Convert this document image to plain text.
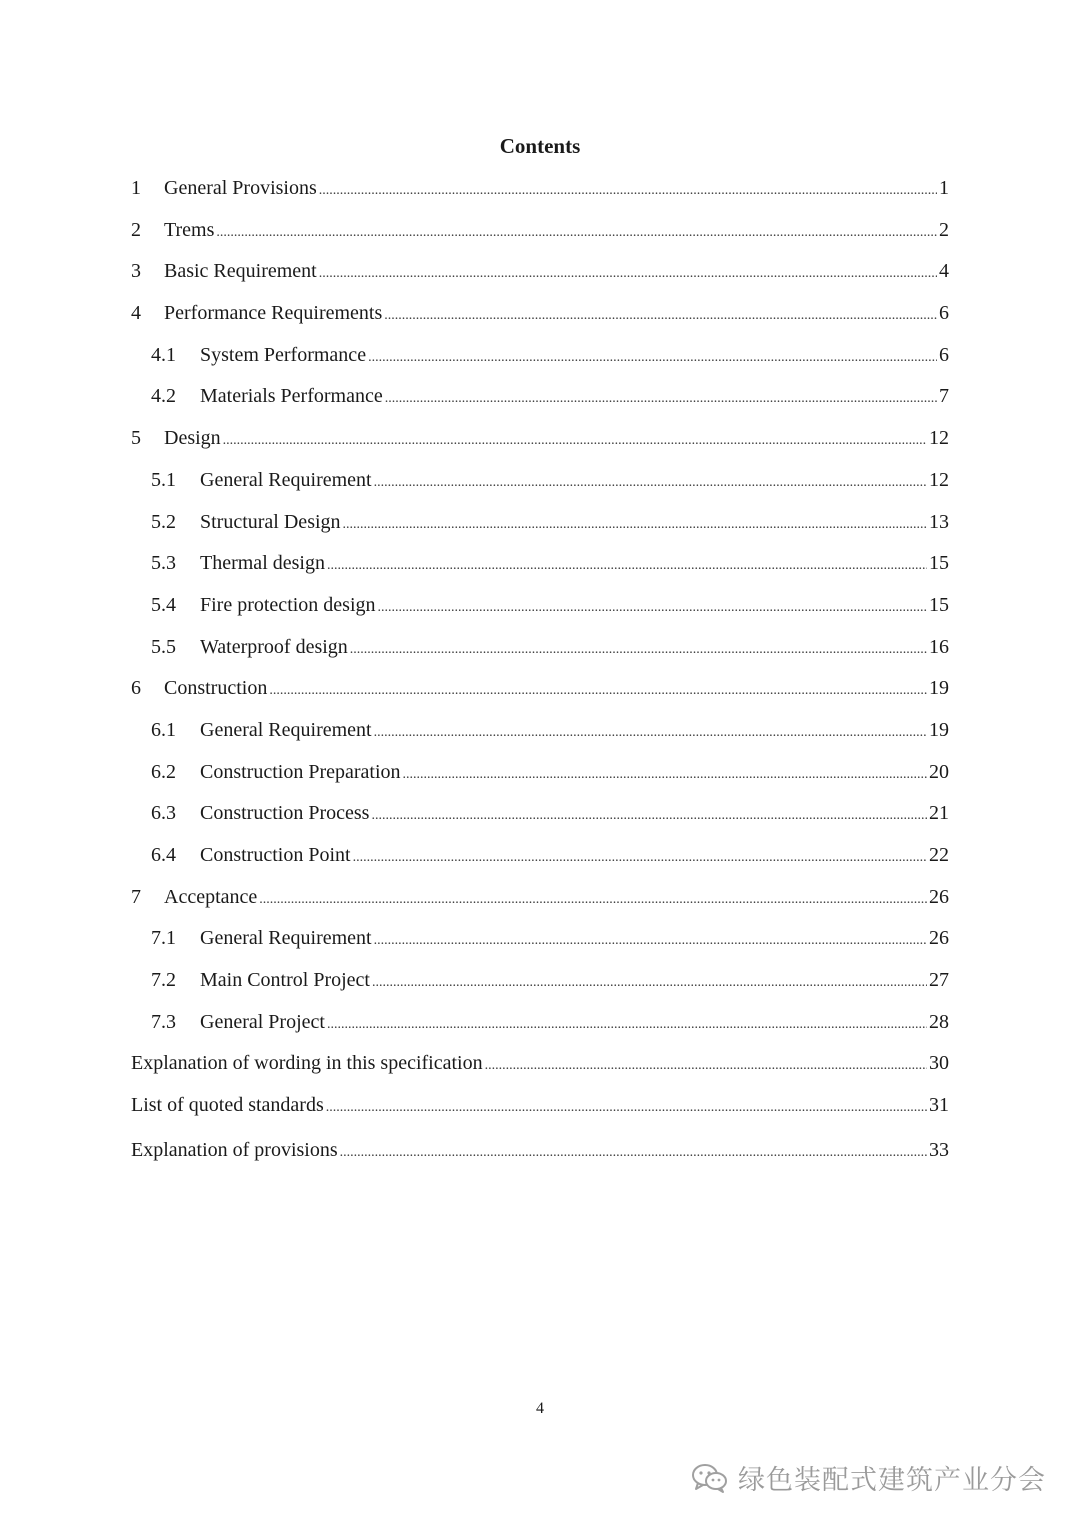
Contents
1	General Provisions .....	1
2	Trems .....	2
3	Basic Requirement .....	4
4	Performance Requirements .....	6
4.1	System Performance .....	6
4.2	Materials Performance .....	7
5	Design .....	12
5.1	General Requirement .....	12
5.2	Structural Design .....	13
5.3	Thermal design .....	15
5.4	Fire protection design .....	15
5.5	Waterproof design .....	16
6	Construction .....	19
6.1	General Requirement .....	19
6.2	Construction Preparation .....	20
6.3	Construction Process .....	21
6.4	Construction Point .....	22
7	Acceptance .....	26
7.1	General Requirement .....	26
7.2	Main Control Project .....	27
7.3	General Project .....	28
Explanation of wording in this specification .....	30
List of quoted standards .....	31
Explanation of provisions .....	33
4
绿色装配式建筑产业分会
